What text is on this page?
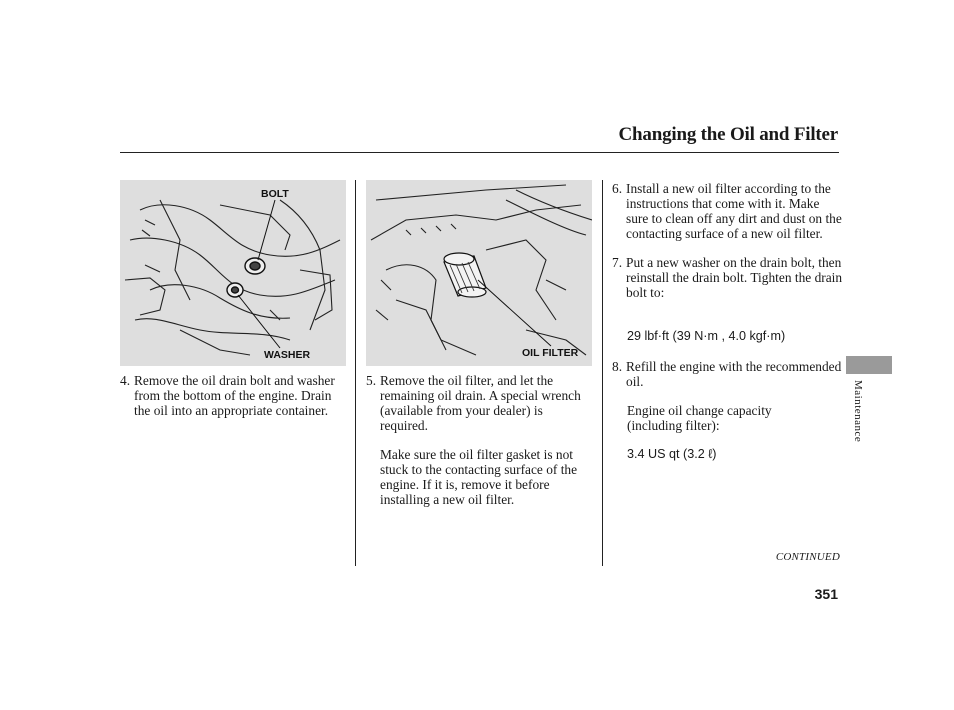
Changing the Oil and Filter
BOLT
WASHER	OIL FILTER
4. Remove the oil drain bolt and washer from the bottom of the engine. Drain the oil into an appropriate container.
5. Remove the oil filter, and let the remaining oil drain. A special wrench (available from your dealer) is required.
Make sure the oil filter gasket is not stuck to the contacting surface of the engine. If it is, remove it before installing a new oil filter.
6. Install a new oil filter according to the instructions that come with it. Make sure to clean off any dirt and dust on the contacting surface of a new oil filter.
7. Put a new washer on the drain bolt, then reinstall the drain bolt. Tighten the drain bolt to:
29 lbf·ft (39 N·m , 4.0 kgf·m)
8. Refill the engine with the recommended oil.
Engine oil change capacity (including filter):
3.4 US qt (3.2 ℓ)
Maintenance
CONTINUED
351
